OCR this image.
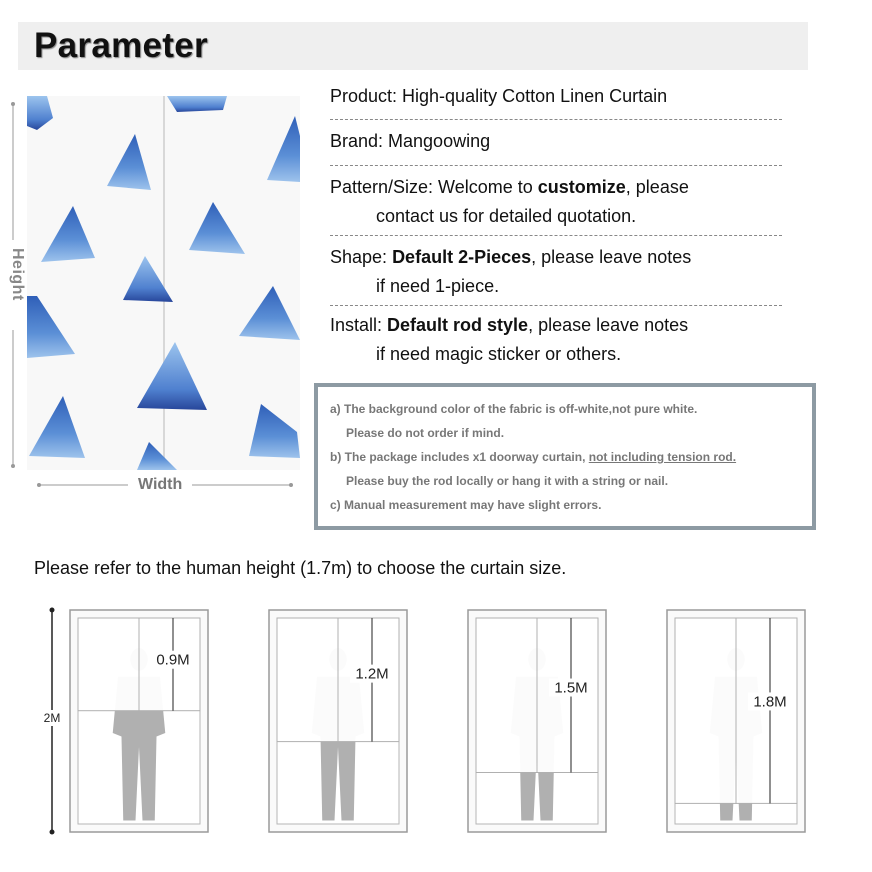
Parameter
Height
Width
Product: High-quality Cotton Linen Curtain
Brand: Mangoowing
Pattern/Size: Welcome to customize, please
contact us for detailed quotation.
Shape: Default 2-Pieces, please leave notes
if need 1-piece.
Install: Default rod style, please leave notes
if need magic sticker or others.
a) The background color of the fabric is off-white,not pure white.
Please do not order if mind.
b) The package includes x1 doorway curtain, not including tension rod.
Please buy the rod locally or hang it with a string or nail.
c) Manual measurement may have slight errors.
Please refer to the human height (1.7m) to choose the curtain size.
2M
0.9M
1.2M
1.5M
1.8M
